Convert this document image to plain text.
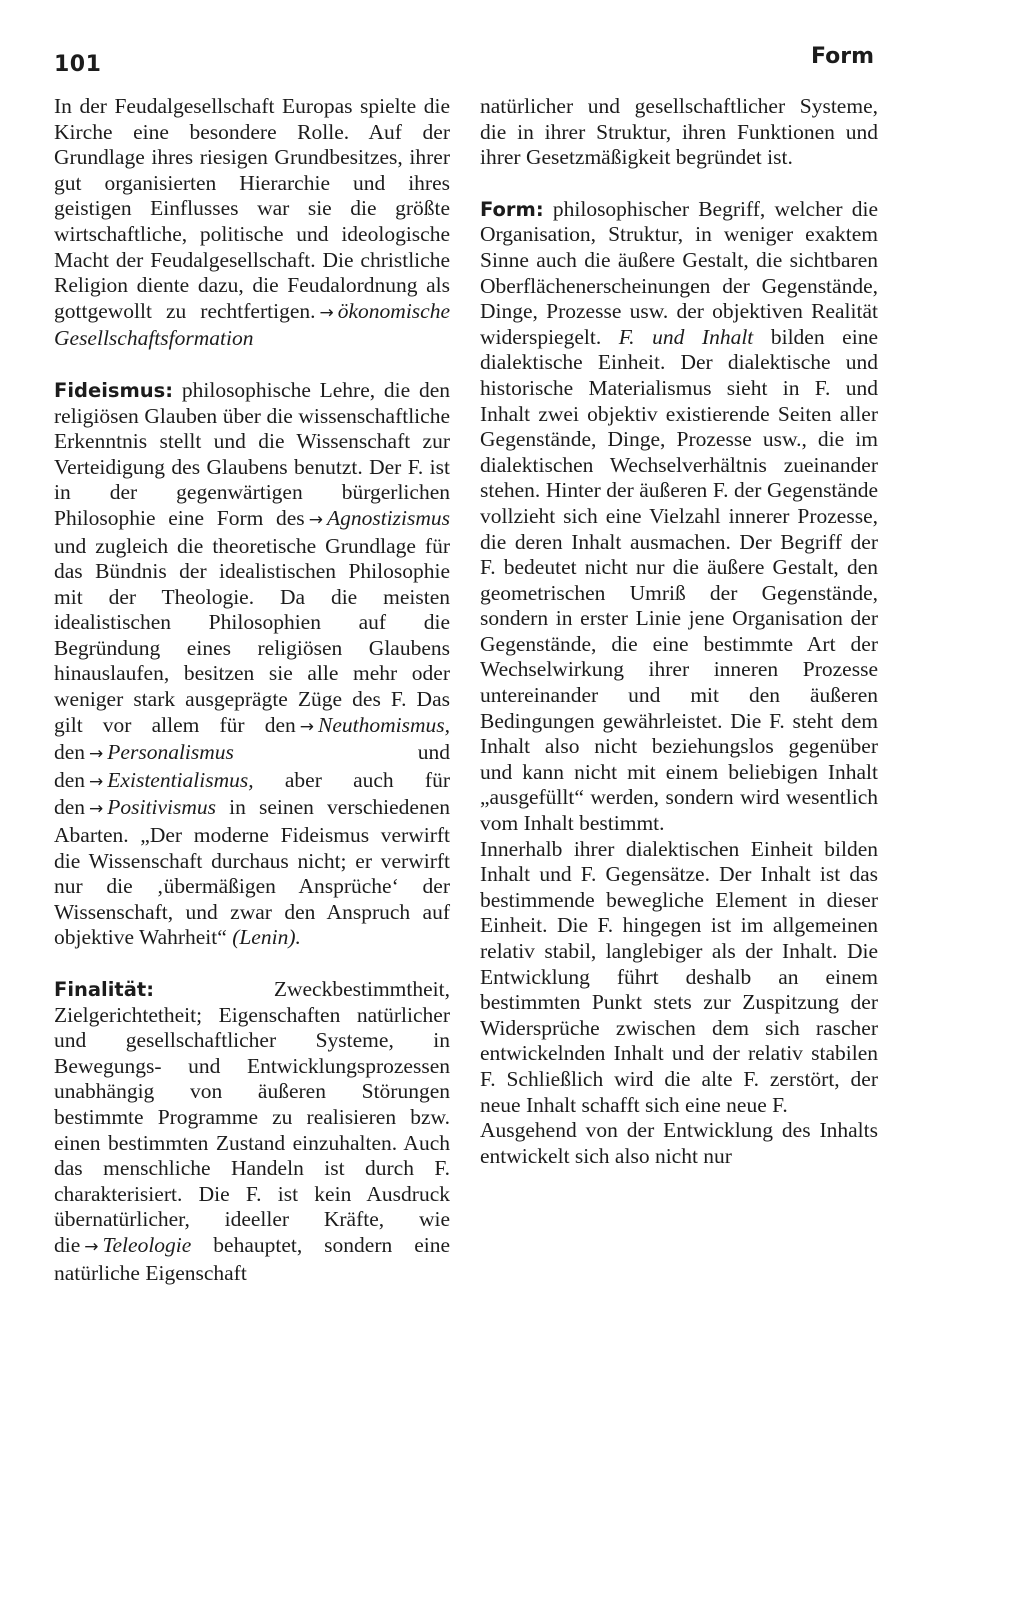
101	Form

In der Feudalgesellschaft Europas spielte die Kirche eine besondere Rolle. Auf der Grundlage ihres riesigen Grundbesitzes, ihrer gut organisierten Hierarchie und ihres geistigen Einflusses war sie die größte wirtschaftliche, politische und ideologische Macht der Feudalgesellschaft. Die christliche Religion diente dazu, die Feudalordnung als gottgewollt zu rechtfertigen. → ökonomische Gesellschaftsformation

Fideismus: philosophische Lehre, die den religiösen Glauben über die wissenschaftliche Erkenntnis stellt und die Wissenschaft zur Verteidigung des Glaubens benutzt. Der F. ist in der gegenwärtigen bürgerlichen Philosophie eine Form des → Agnostizismus und zugleich die theoretische Grundlage für das Bündnis der idealistischen Philosophie mit der Theologie. Da die meisten idealistischen Philosophien auf die Begründung eines religiösen Glaubens hinauslaufen, besitzen sie alle mehr oder weniger stark ausgeprägte Züge des F. Das gilt vor allem für den → Neuthomismus, den → Personalismus und den → Existentialismus, aber auch für den → Positivismus in seinen verschiedenen Abarten. „Der moderne Fideismus verwirft die Wissenschaft durchaus nicht; er verwirft nur die ‚übermäßigen Ansprüche‘ der Wissenschaft, und zwar den Anspruch auf objektive Wahrheit“ (Lenin).

Finalität: Zweckbestimmtheit, Zielgerichtetheit; Eigenschaften natürlicher und gesellschaftlicher Systeme, in Bewegungs- und Entwicklungsprozessen unabhängig von äußeren Störungen bestimmte Programme zu realisieren bzw. einen bestimmten Zustand einzuhalten. Auch das menschliche Handeln ist durch F. charakterisiert. Die F. ist kein Ausdruck übernatürlicher, ideeller Kräfte, wie die → Teleologie behauptet, sondern eine natürliche Eigenschaft

natürlicher und gesellschaftlicher Systeme, die in ihrer Struktur, ihren Funktionen und ihrer Gesetzmäßigkeit begründet ist.

Form: philosophischer Begriff, welcher die Organisation, Struktur, in weniger exaktem Sinne auch die äußere Gestalt, die sichtbaren Oberflächenerscheinungen der Gegenstände, Dinge, Prozesse usw. der objektiven Realität widerspiegelt. F. und Inhalt bilden eine dialektische Einheit. Der dialektische und historische Materialismus sieht in F. und Inhalt zwei objektiv existierende Seiten aller Gegenstände, Dinge, Prozesse usw., die im dialektischen Wechselverhältnis zueinander stehen. Hinter der äußeren F. der Gegenstände vollzieht sich eine Vielzahl innerer Prozesse, die deren Inhalt ausmachen. Der Begriff der F. bedeutet nicht nur die äußere Gestalt, den geometrischen Umriß der Gegenstände, sondern in erster Linie jene Organisation der Gegenstände, die eine bestimmte Art der Wechselwirkung ihrer inneren Prozesse untereinander und mit den äußeren Bedingungen gewährleistet. Die F. steht dem Inhalt also nicht beziehungslos gegenüber und kann nicht mit einem beliebigen Inhalt „ausgefüllt“ werden, sondern wird wesentlich vom Inhalt bestimmt.

Innerhalb ihrer dialektischen Einheit bilden Inhalt und F. Gegensätze. Der Inhalt ist das bestimmende bewegliche Element in dieser Einheit. Die F. hingegen ist im allgemeinen relativ stabil, langlebiger als der Inhalt. Die Entwicklung führt deshalb an einem bestimmten Punkt stets zur Zuspitzung der Widersprüche zwischen dem sich rascher entwickelnden Inhalt und der relativ stabilen F. Schließlich wird die alte F. zerstört, der neue Inhalt schafft sich eine neue F.

Ausgehend von der Entwicklung des Inhalts entwickelt sich also nicht nur
